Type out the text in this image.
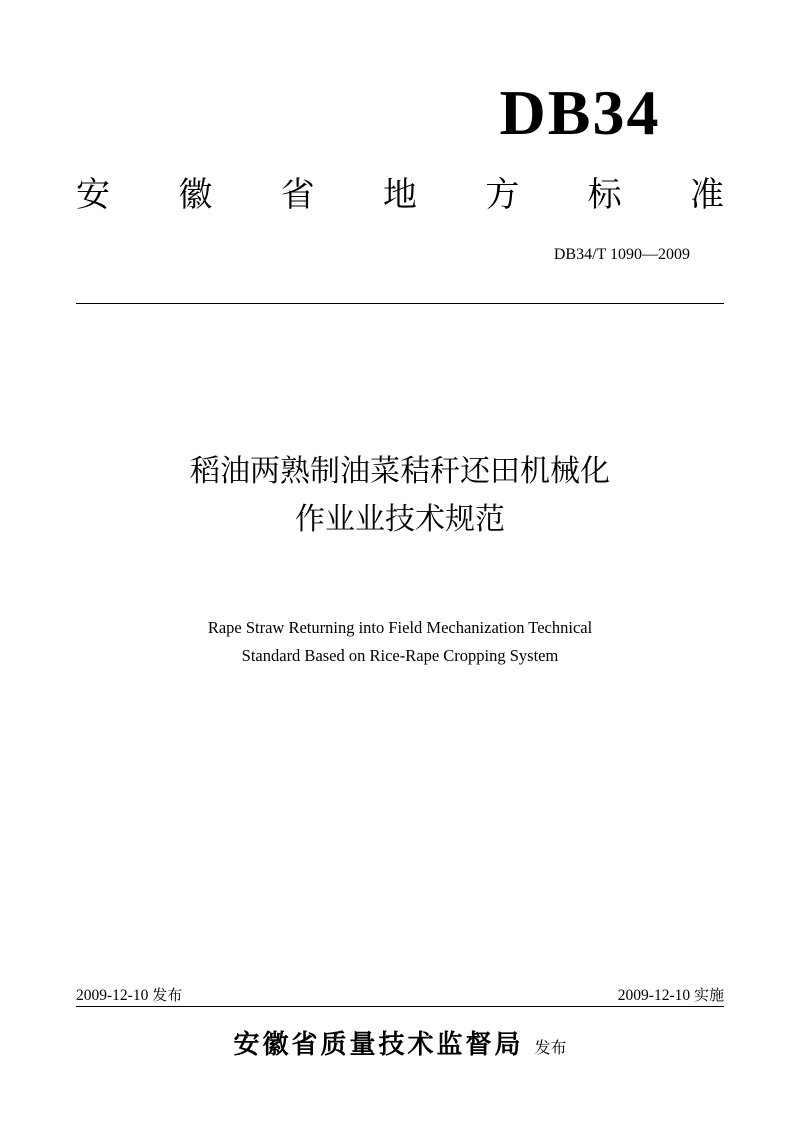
DB34
安 徽 省 地 方 标 准
DB34/T 1090—2009
稻油两熟制油菜秸秆还田机械化
作业业技术规范
Rape Straw Returning into Field Mechanization Technical
Standard Based on Rice-Rape Cropping System
2009-12-10 发布	2009-12-10 实施
安徽省质量技术监督局 发布
